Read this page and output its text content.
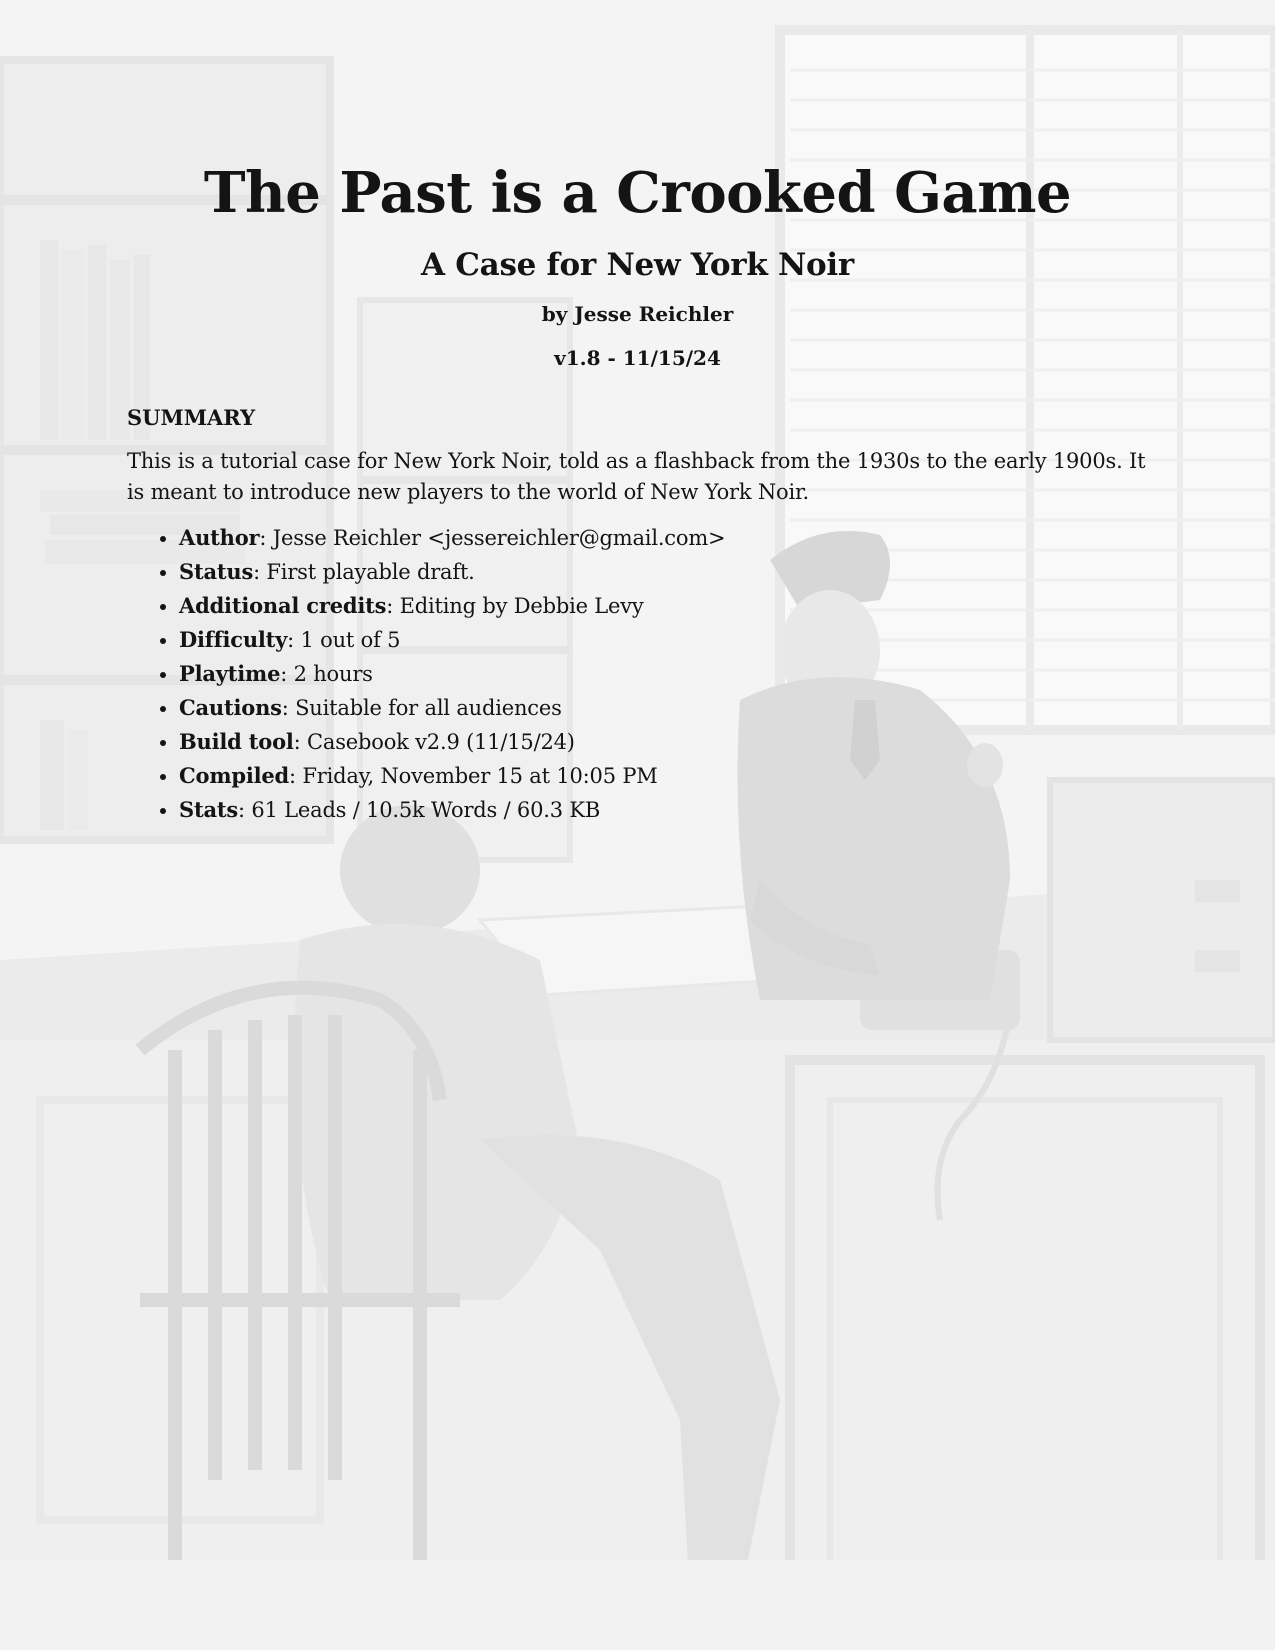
The Past is a Crooked Game
A Case for New York Noir

by Jesse Reichler

v1.8 - 11/15/24

SUMMARY

This is a tutorial case for New York Noir, told as a flashback from the 1930s to the early 1900s. It is meant to introduce new players to the world of New York Noir.

• Author: Jesse Reichler <jessereichler@gmail.com>
• Status: First playable draft.
• Additional credits: Editing by Debbie Levy
• Difficulty: 1 out of 5
• Playtime: 2 hours
• Cautions: Suitable for all audiences
• Build tool: Casebook v2.9 (11/15/24)
• Compiled: Friday, November 15 at 10:05 PM
• Stats: 61 Leads / 10.5k Words / 60.3 KB
